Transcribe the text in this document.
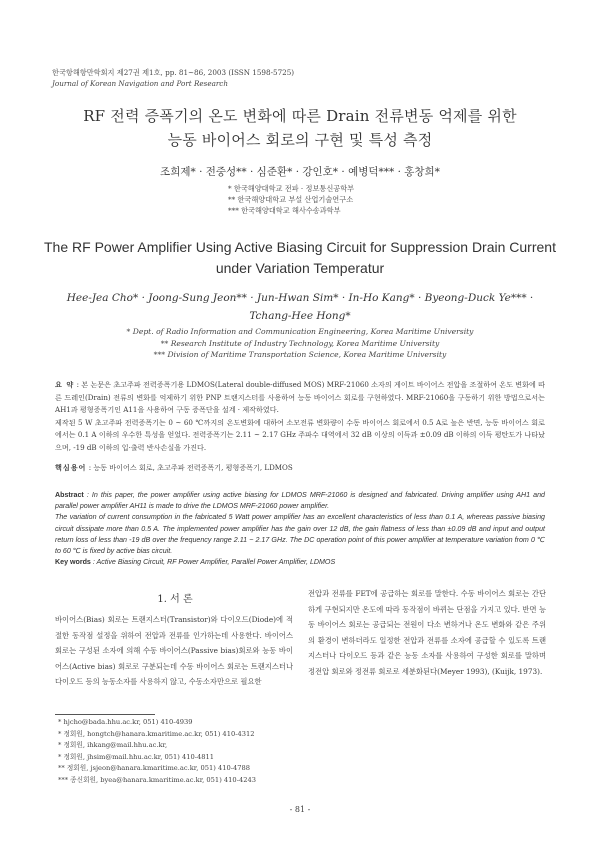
한국항해항만학회지 제27권 제1호, pp. 81~86, 2003 (ISSN 1598-5725)
Journal of Korean Navigation and Port Research
RF 전력 증폭기의 온도 변화에 따른 Drain 전류변동 억제를 위한
능동 바이어스 회로의 구현 및 특성 측정
조희제* · 전중성** · 심준환* · 강인호* · 예병덕*** · 홍창희*
* 한국해양대학교 전파 · 정보통신공학부
** 한국해양대학교 부설 산업기술연구소
*** 한국해양대학교 해사수송과학부
The RF Power Amplifier Using Active Biasing Circuit for Suppression Drain Current
under Variation Temperatur
Hee-Jea Cho* · Joong-Sung Jeon** · Jun-Hwan Sim* · In-Ho Kang* · Byeong-Duck Ye*** ·
Tchang-Hee Hong*
* Dept. of Radio Information and Communication Engineering, Korea Maritime University
** Research Institute of Industry Technology, Korea Maritime University
*** Division of Maritime Transportation Science, Korea Maritime University

요 약 : 본 논문은 초고주파 전력증폭기용 LDMOS(Lateral double-diffused MOS) MRF-21060 소자의 게이트 바이어스 전압을 조절하여 온도 변화에 따른 드레인(Drain) 전류의 변화를 억제하기 위한 PNP 트랜지스터를 사용하여 능동 바이어스 회로를 구현하였다. MRF-21060을 구동하기 위한 방법으로서는 AH1과 평형증폭기인 A11을 사용하여 구동 증폭단을 설계 · 제작하였다.

제작된 5 W 초고주파 전력증폭기는 0 ~ 60 ℃까지의 온도변화에 대하여 소모전류 변화량이 수동 바이어스 회로에서 0.5 A로 높은 반면, 능동 바이어스 회로에서는 0.1 A 이하의 우수한 특성을 얻었다. 전력증폭기는 2.11 ~ 2.17 GHz 주파수 대역에서 32 dB 이상의 이득과 ±0.09 dB 이하의 이득 평탄도가 나타났으며, -19 dB 이하의 입·출력 반사손실을 가진다.

핵심용어 : 능동 바이어스 회로, 초고주파 전력증폭기, 평형증폭기, LDMOS

Abstract : In this paper, the power amplifier using active biasing for LDMOS MRF-21060 is designed and fabricated. Driving amplifier using AH1 and parallel power amplifier AH11 is made to drive the LDMOS MRF-21060 power amplifier.

The variation of current consumption in the fabricated 5 Watt power amplifier has an excellent characteristics of less than 0.1 A, whereas passive biasing circuit dissipate more than 0.5 A. The implemented power amplifier has the gain over 12 dB, the gain flatness of less than ±0.09 dB and input and output return loss of less than -19 dB over the frequency range 2.11 ~ 2.17 GHz. The DC operation point of this power amplifier at temperature variation from 0 ℃ to 60 ℃ is fixed by active bias circuit.

Key words : Active Biasing Circuit, RF Power Amplifier, Parallel Power Amplifier, LDMOS
1. 서 론

바이어스(Bias) 회로는 트랜지스터(Transistor)와 다이오드(Diode)에 적절한 동작점 설정을 위하여 전압과 전류를 인가하는데 사용한다. 바이어스 회로는 구성된 소자에 의해 수동 바이어스(Passive bias)회로와 능동 바이어스(Active bias) 회로로 구분되는데 수동 바이어스 회로는 트랜지스터나 다이오드 등의 능동소자를 사용하지 않고, 수동소자만으로 필요한

전압과 전류를 FET에 공급하는 회로를 말한다. 수동 바이어스 회로는 간단하게 구현되지만 온도에 따라 동작점이 바뀌는 단점을 가지고 있다. 반면 능동 바이어스 회로는 공급되는 전원이 다소 변하거나 온도 변화와 같은 주위의 환경이 변하더라도 일정한 전압과 전류를 소자에 공급할 수 있도록 트랜지스터나 다이오드 등과 같은 능동 소자를 사용하여 구성한 회로를 말하며 정전압 회로와 정전류 회로로 세분화된다(Meyer 1993), (Kuijk, 1973).

* hjcho@bada.hhu.ac.kr, 051) 410-4939
* 정회원, hongtch@hanara.kmaritime.ac.kr, 051) 410-4312
* 정회원, ihkang@mail.hhu.ac.kr,
* 정회원, jhsim@mail.hhu.ac.kr, 051) 410-4811
** 정회원, jsjeon@hanara.kmaritime.ac.kr, 051) 410-4788
*** 종신회원, byea@hanara.kmaritime.ac.kr, 051) 410-4243
- 81 -
